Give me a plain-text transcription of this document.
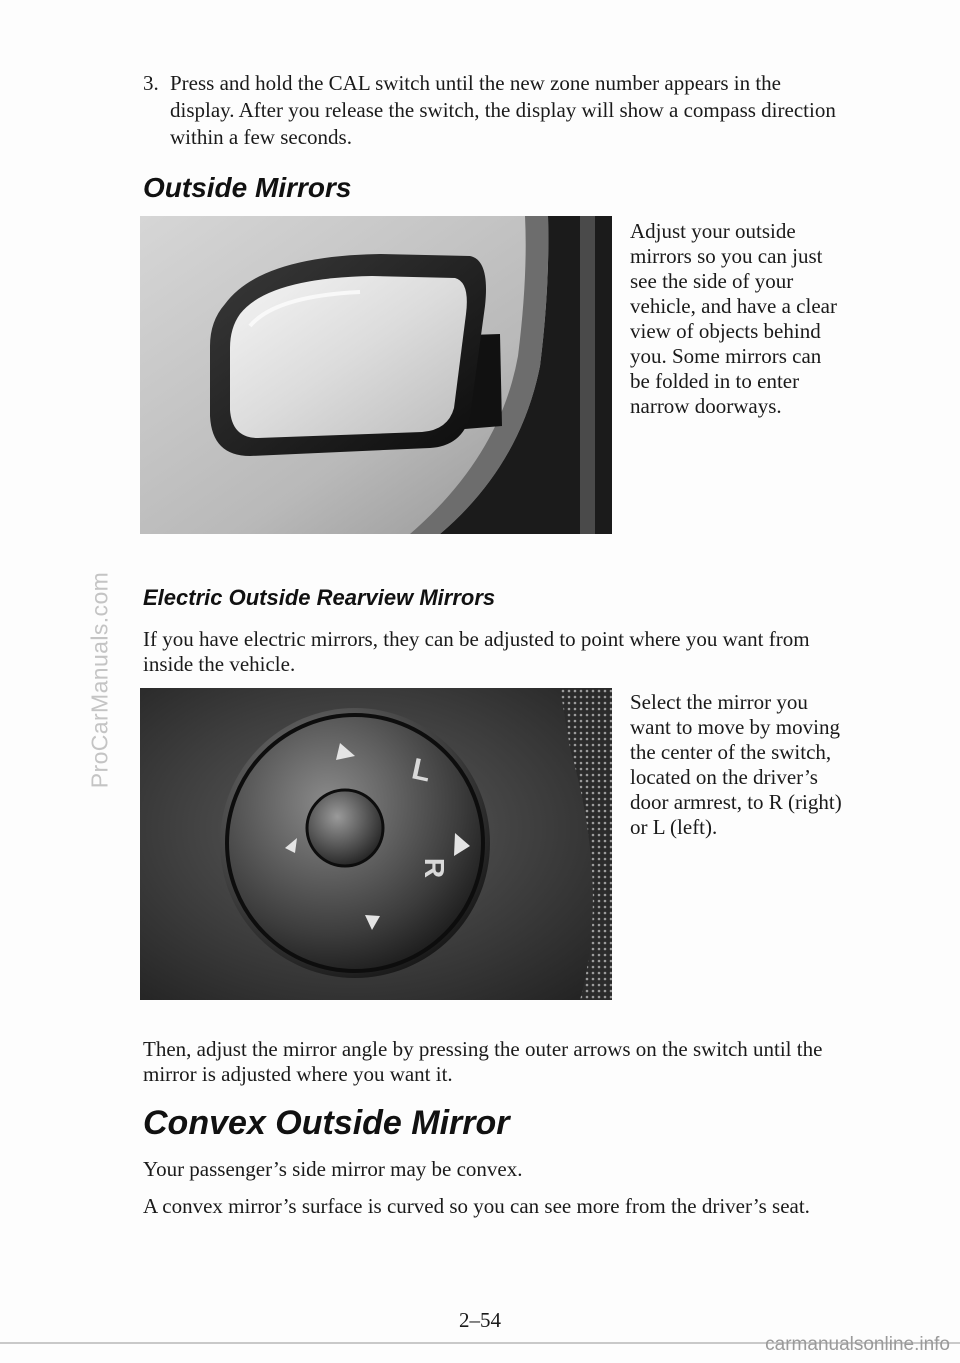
ProCarManuals.com
3. Press and hold the CAL switch until the new zone number appears in the display. After you release the switch, the display will show a compass direction within a few seconds.
Outside Mirrors

Adjust your outside mirrors so you can just see the side of your vehicle, and have a clear view of objects behind you. Some mirrors can be folded in to enter narrow doorways.

Electric Outside Rearview Mirrors

If you have electric mirrors, they can be adjusted to point where you want from inside the vehicle.

L
R

Select the mirror you want to move by moving the center of the switch, located on the driver’s door armrest, to R (right) or L (left).

Then, adjust the mirror angle by pressing the outer arrows on the switch until the mirror is adjusted where you want it.

Convex Outside Mirror

Your passenger’s side mirror may be convex.

A convex mirror’s surface is curved so you can see more from the driver’s seat.

2–54
carmanualsonline.info
